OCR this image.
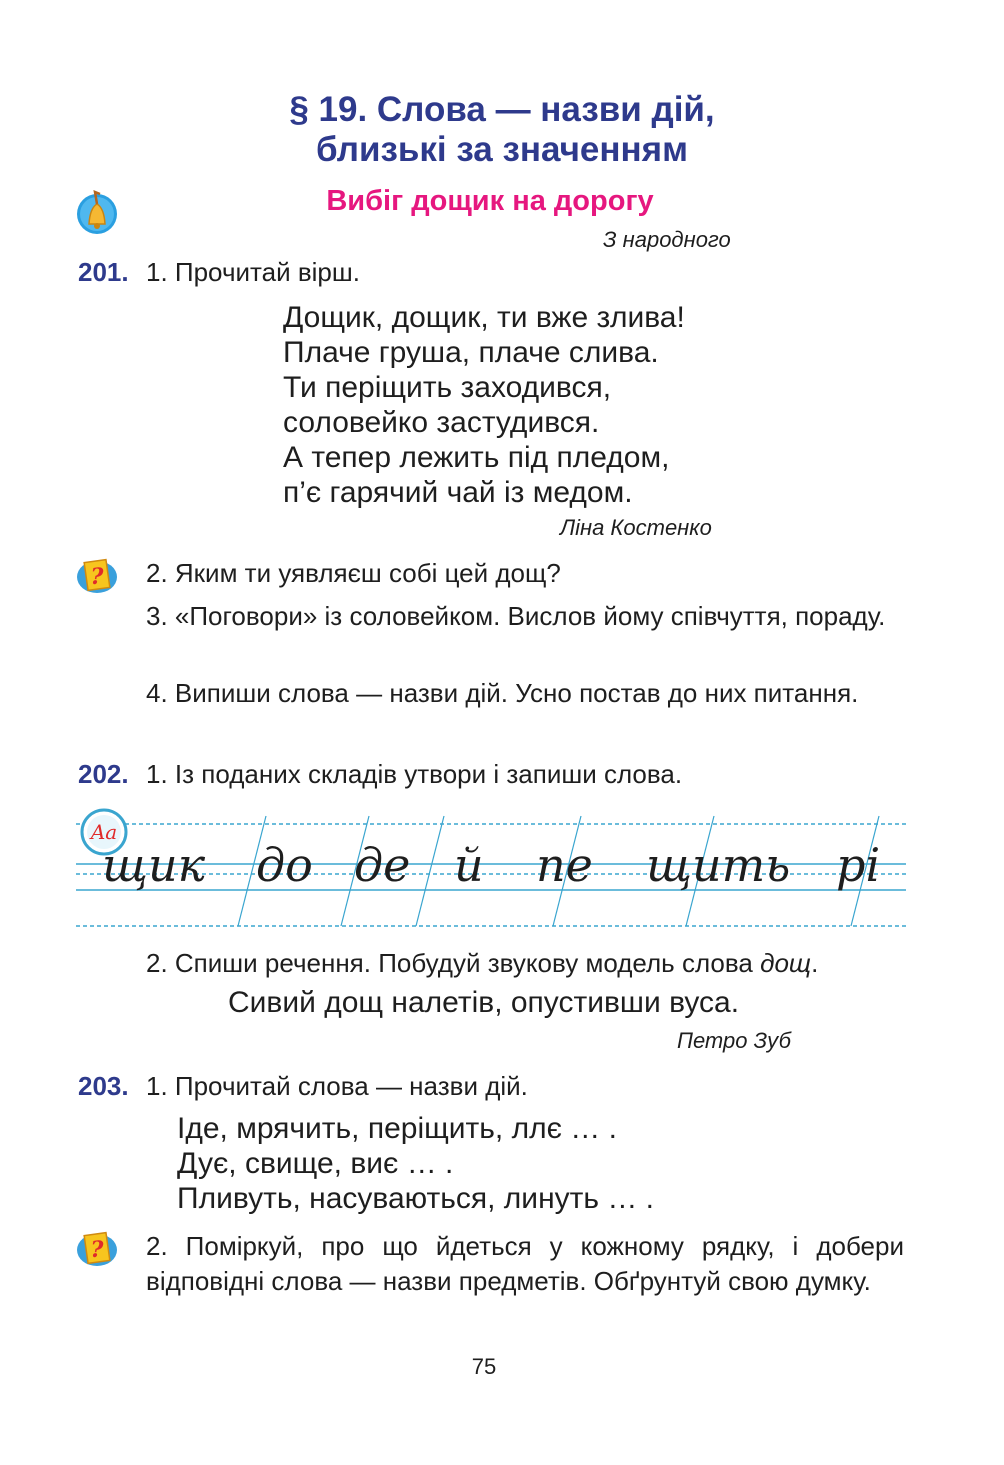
§ 19. Слова — назви дій,
близькі за значенням
Вибіг дощик на дорогу
З народного
201. 1. Прочитай вірш.
Дощик, дощик, ти вже злива!
Плаче груша, плаче слива.
Ти періщить заходився,
соловейко застудився.
А тепер лежить під пледом,
п’є гарячий чай із медом.
Ліна Костенко
? 2. Яким ти уявляєш собі цей дощ?
3. «Поговори» із соловейком. Вислов йому співчуття, пораду.
4. Випиши слова — назви дій. Усно постав до них питання.
202. 1. Із поданих складів утвори і запиши слова.
Aa
щик до де й пе щить рі
2. Спиши речення. Побудуй звукову модель слова дощ.
Сивий дощ налетів, опустивши вуса.
Петро Зуб
203. 1. Прочитай слова — назви дій.
Іде, мрячить, періщить, ллє … .
Дує, свище, виє … .
Пливуть, насуваються, линуть … .
? 2. Поміркуй, про що йдеться у кожному рядку, і добери відповідні слова — назви предметів. Обґрунтуй свою думку.
75
